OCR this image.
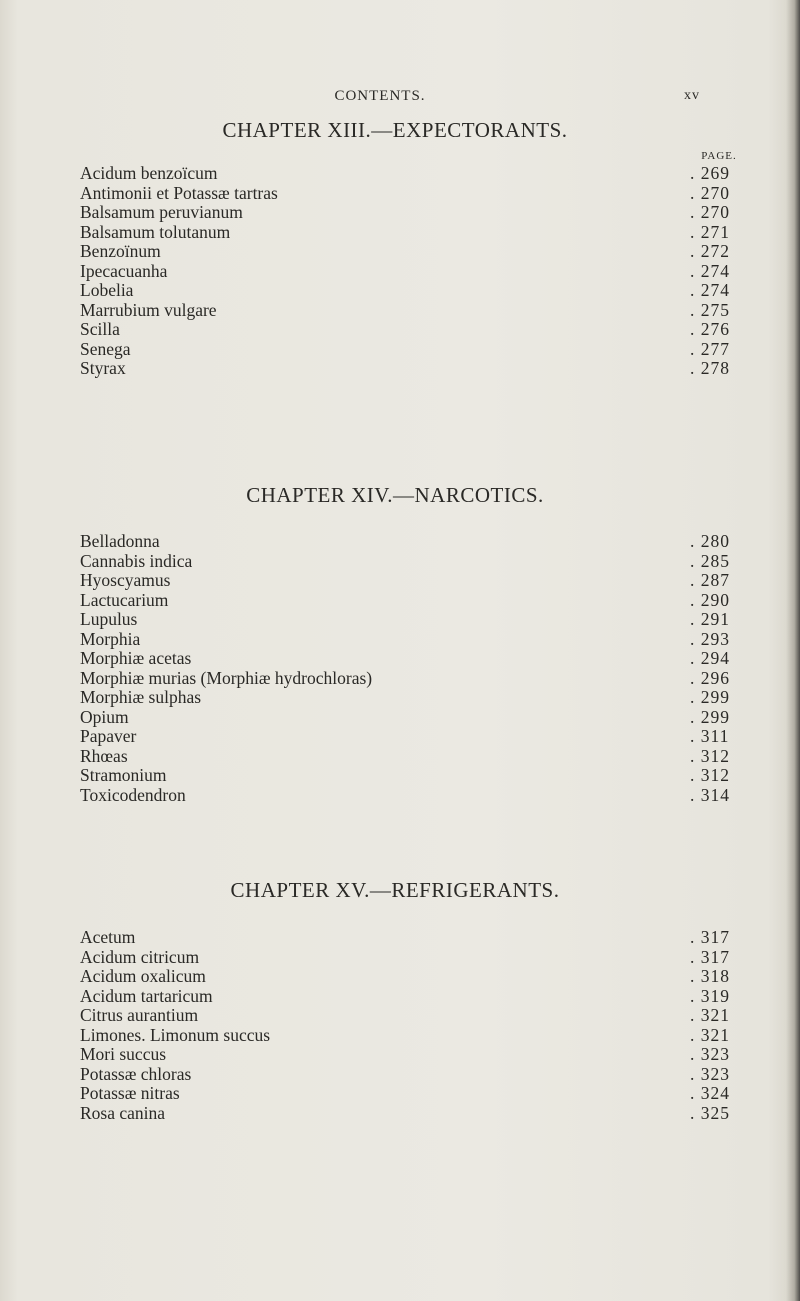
CONTENTS.	xv
CHAPTER XIII.—EXPECTORANTS.
PAGE.
Acidum benzoïcum	. 269
Antimonii et Potassæ tartras	. 270
Balsamum peruvianum	. 270
Balsamum tolutanum	. 271
Benzoïnum	. 272
Ipecacuanha	. 274
Lobelia	. 274
Marrubium vulgare	. 275
Scilla	. 276
Senega	. 277
Styrax	. 278
CHAPTER XIV.—NARCOTICS.
Belladonna	. 280
Cannabis indica	. 285
Hyoscyamus	. 287
Lactucarium	. 290
Lupulus	. 291
Morphia	. 293
Morphiæ acetas	. 294
Morphiæ murias (Morphiæ hydrochloras)	. 296
Morphiæ sulphas	. 299
Opium	. 299
Papaver	. 311
Rhœas	. 312
Stramonium	. 312
Toxicodendron	. 314
CHAPTER XV.—REFRIGERANTS.
Acetum	. 317
Acidum citricum	. 317
Acidum oxalicum	. 318
Acidum tartaricum	. 319
Citrus aurantium	. 321
Limones. Limonum succus	. 321
Mori succus	. 323
Potassæ chloras	. 323
Potassæ nitras	. 324
Rosa canina	. 325
